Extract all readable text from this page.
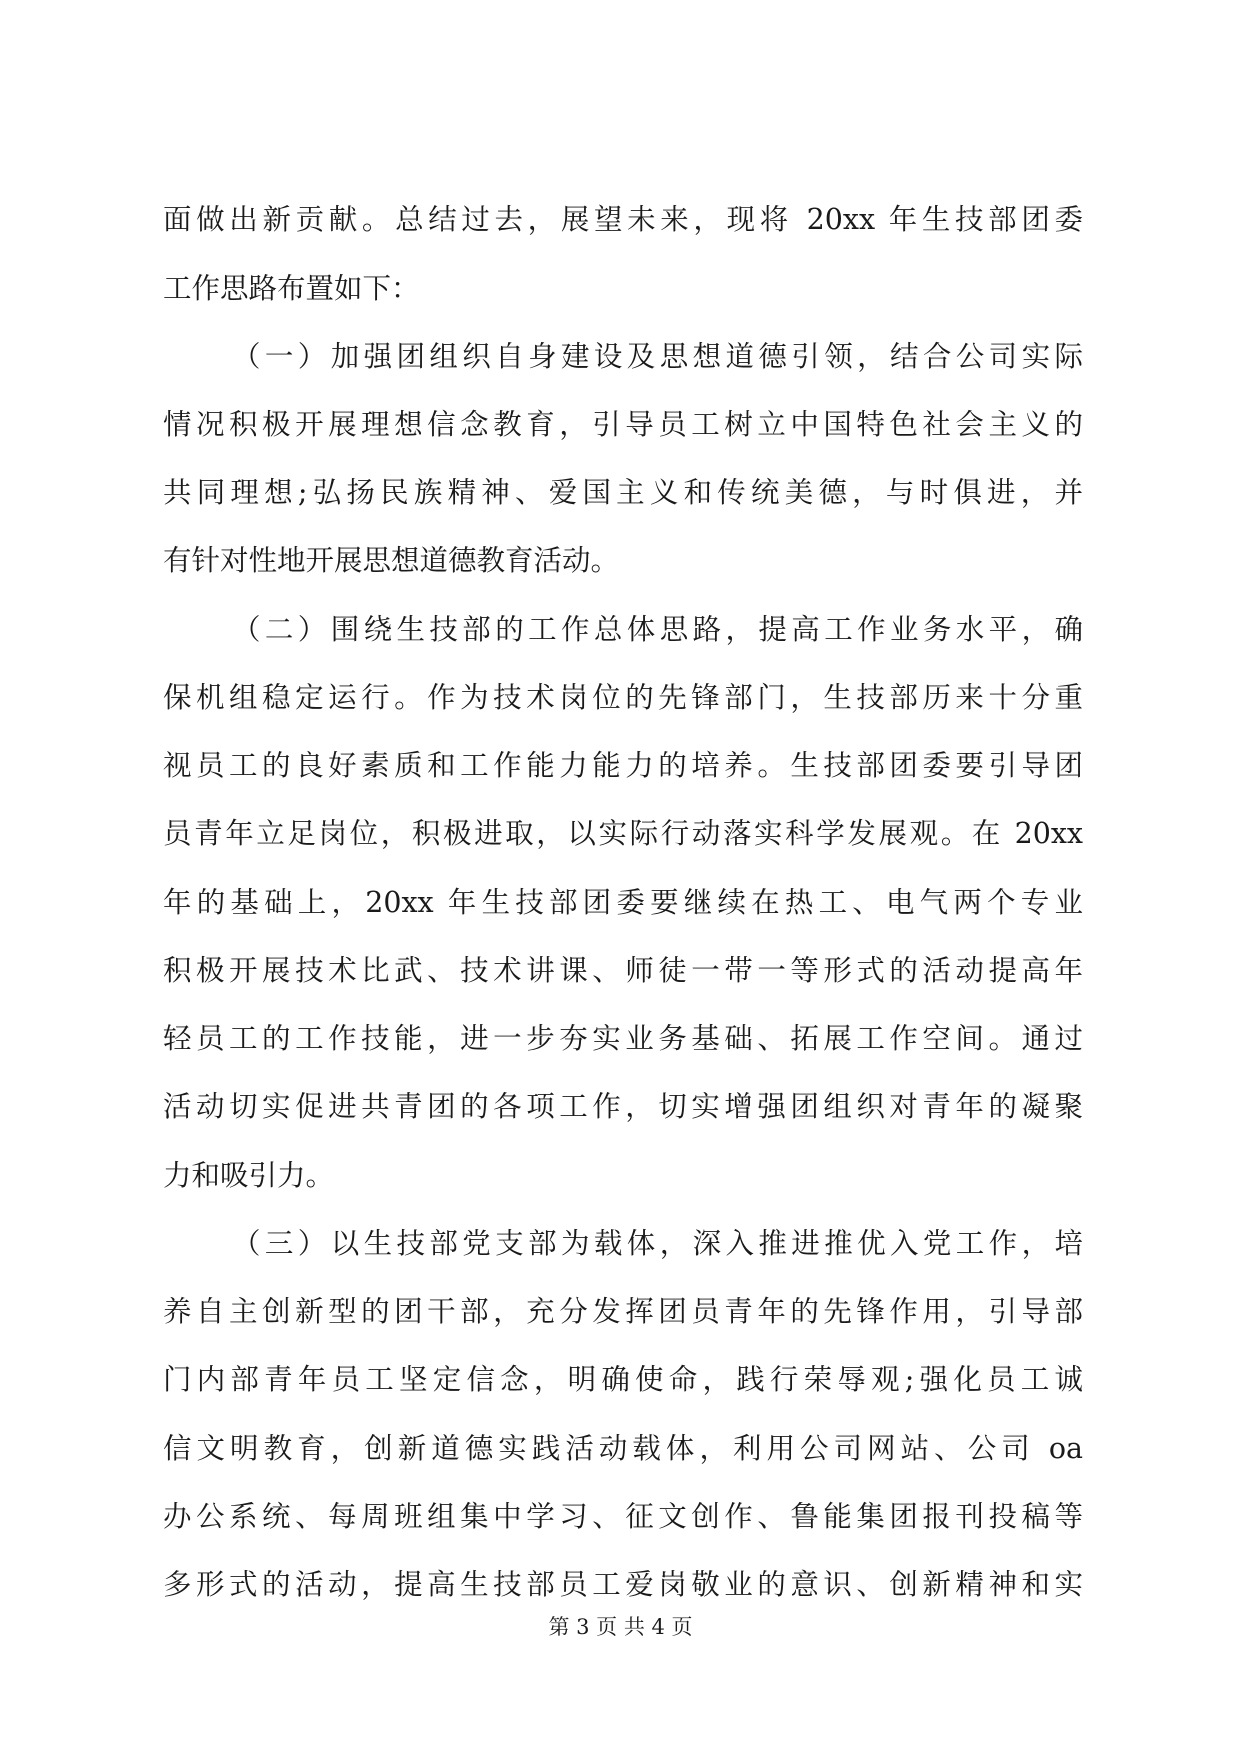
面做出新贡献。总结过去，展望未来，现将 20xx 年生技部团委
工作思路布置如下：
（一）加强团组织自身建设及思想道德引领，结合公司实际
情况积极开展理想信念教育，引导员工树立中国特色社会主义的
共同理想;弘扬民族精神、爱国主义和传统美德，与时俱进，并
有针对性地开展思想道德教育活动。
（二）围绕生技部的工作总体思路，提高工作业务水平，确
保机组稳定运行。作为技术岗位的先锋部门，生技部历来十分重
视员工的良好素质和工作能力能力的培养。生技部团委要引导团
员青年立足岗位，积极进取，以实际行动落实科学发展观。在 20xx
年的基础上，20xx 年生技部团委要继续在热工、电气两个专业
积极开展技术比武、技术讲课、师徒一带一等形式的活动提高年
轻员工的工作技能，进一步夯实业务基础、拓展工作空间。通过
活动切实促进共青团的各项工作，切实增强团组织对青年的凝聚
力和吸引力。
（三）以生技部党支部为载体，深入推进推优入党工作，培
养自主创新型的团干部，充分发挥团员青年的先锋作用，引导部
门内部青年员工坚定信念，明确使命，践行荣辱观;强化员工诚
信文明教育，创新道德实践活动载体，利用公司网站、公司 oa
办公系统、每周班组集中学习、征文创作、鲁能集团报刊投稿等
多形式的活动，提高生技部员工爱岗敬业的意识、创新精神和实
第 3 页 共 4 页
